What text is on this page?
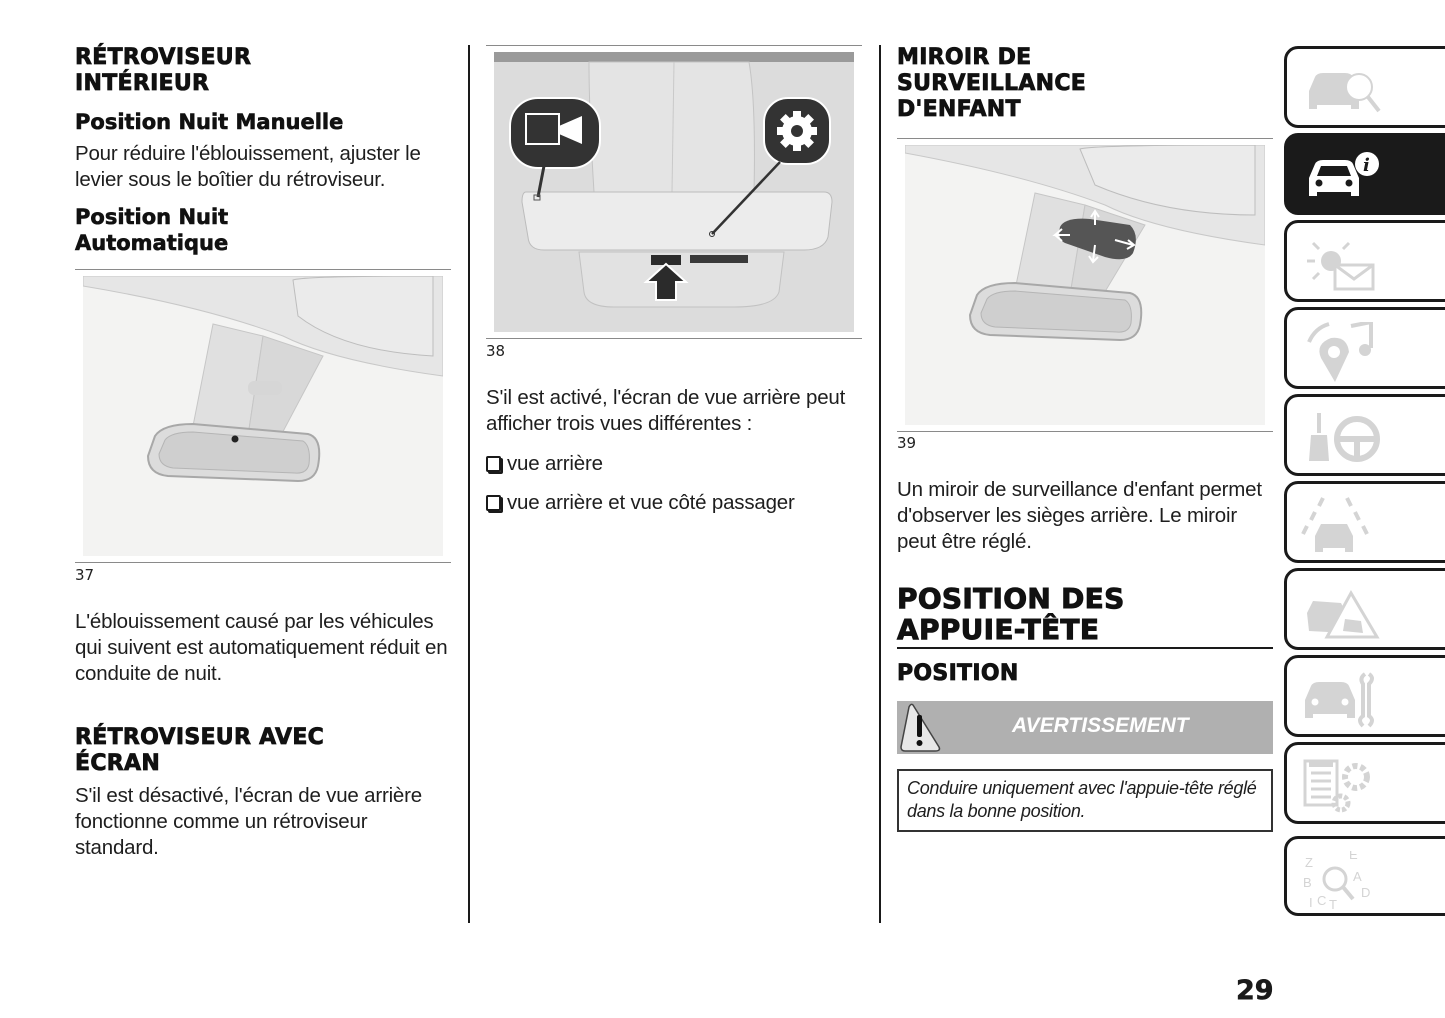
RÉTROVISEUR INTÉRIEUR
Position Nuit Manuelle

Pour réduire l'éblouissement, ajuster le levier sous le boîtier du rétroviseur.

Position Nuit Automatique
37

L'éblouissement causé par les véhicules qui suivent est automatiquement réduit en conduite de nuit.

RÉTROVISEUR AVEC ÉCRAN

S'il est désactivé, l'écran de vue arrière fonctionne comme un rétroviseur standard.

38

S'il est activé, l'écran de vue arrière peut afficher trois vues différentes :

vue arrière
vue arrière et vue côté passager
MIROIR DE SURVEILLANCE D'ENFANT
39

Un miroir de surveillance d'enfant permet d'observer les sièges arrière. Le miroir peut être réglé.

POSITION DES APPUIE-TÊTE
POSITION
AVERTISSEMENT
Conduire uniquement avec l'appuie-tête réglé dans la bonne position.
i
Z
E
A
B
I C T
D
29
